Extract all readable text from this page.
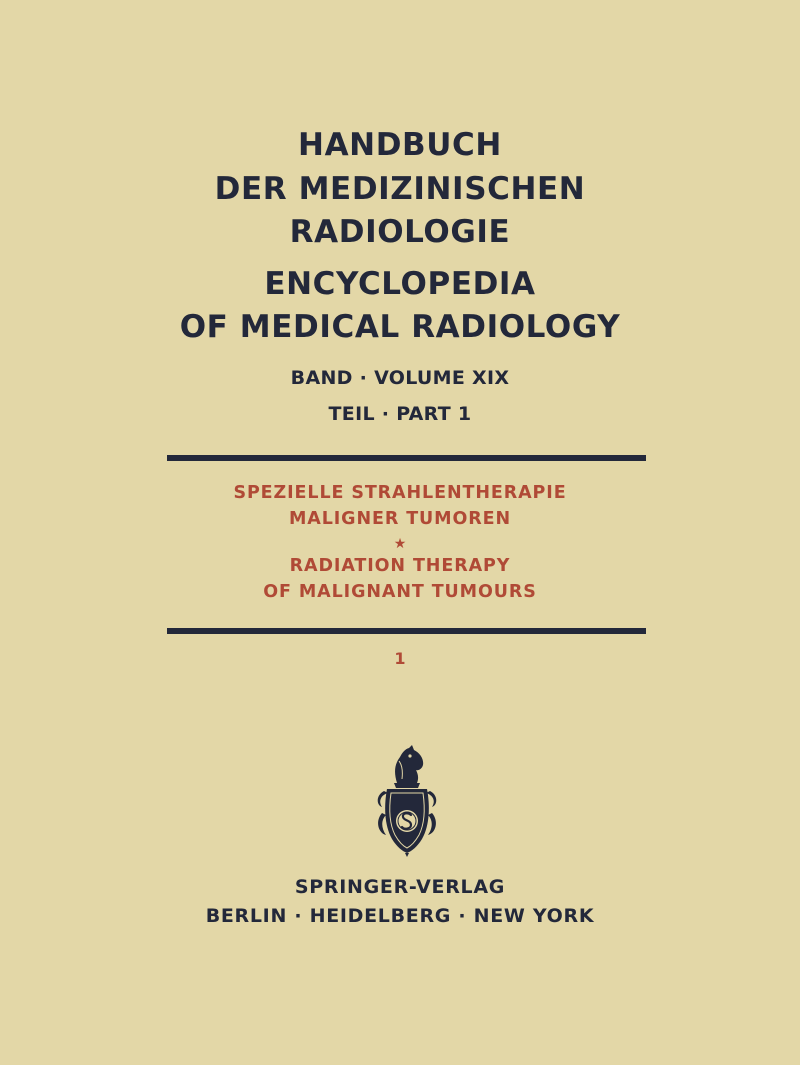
HANDBUCH
DER MEDIZINISCHEN
RADIOLOGIE
ENCYCLOPEDIA
OF MEDICAL RADIOLOGY
BAND · VOLUME XIX
TEIL · PART 1
SPEZIELLE STRAHLENTHERAPIE
MALIGNER TUMOREN
★
RADIATION THERAPY
OF MALIGNANT TUMOURS
1
SPRINGER-VERLAG
BERLIN · HEIDELBERG · NEW YORK
